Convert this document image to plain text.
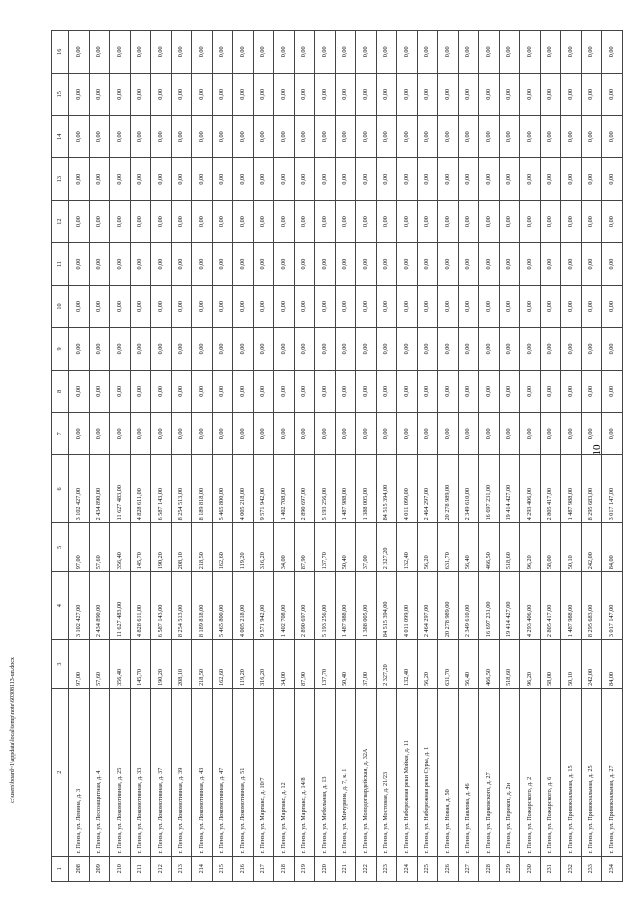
10
c:\users\board~1\appdata\local\temp\note\60308113-un.docx
1	2	3	4	5	6	7	8	9	10	11	12	13	14	15	16
208	г. Пенза, ул. Ленина, д. 3	97,00	3 102 427,00	97,00	3 102 427,00	0,00	0,00	0,00	0,00	0,00	0,00	0,00	0,00	0,00	0,00
209	г. Пенза, ул. Лесозащитная, д. 4	57,60	2 434 890,00	57,60	2 434 890,00	0,00	0,00	0,00	0,00	0,00	0,00	0,00	0,00	0,00	0,00
210	г. Пенза, ул. Локомотивная, д. 25	356,40	11 627 483,00	356,40	11 627 483,00	0,00	0,00	0,00	0,00	0,00	0,00	0,00	0,00	0,00	0,00
211	г. Пенза, ул. Локомотивная, д. 33	145,70	4 828 611,00	145,70	4 828 611,00	0,00	0,00	0,00	0,00	0,00	0,00	0,00	0,00	0,00	0,00
212	г. Пенза, ул. Локомотивная, д. 37	190,20	6 587 143,00	190,20	6 587 143,00	0,00	0,00	0,00	0,00	0,00	0,00	0,00	0,00	0,00	0,00
213	г. Пенза, ул. Локомотивная, д. 39	208,10	8 254 513,00	208,10	8 254 513,00	0,00	0,00	0,00	0,00	0,00	0,00	0,00	0,00	0,00	0,00
214	г. Пенза, ул. Локомотивная, д. 43	218,50	8 189 818,00	218,50	8 189 818,00	0,00	0,00	0,00	0,00	0,00	0,00	0,00	0,00	0,00	0,00
215	г. Пенза, ул. Локомотивная, д. 47	162,60	5 465 800,00	162,60	5 465 800,00	0,00	0,00	0,00	0,00	0,00	0,00	0,00	0,00	0,00	0,00
216	г. Пенза, ул. Локомотивная, д. 51	119,20	4 005 218,00	119,20	4 005 218,00	0,00	0,00	0,00	0,00	0,00	0,00	0,00	0,00	0,00	0,00
217	г. Пенза, ул. Марпакс, д. 10/7	316,20	9 571 942,00	316,20	9 571 942,00	0,00	0,00	0,00	0,00	0,00	0,00	0,00	0,00	0,00	0,00
218	г. Пенза, ул. Марпакс, д. 12	34,00	1 402 708,00	34,00	1 402 708,00	0,00	0,00	0,00	0,00	0,00	0,00	0,00	0,00	0,00	0,00
219	г. Пенза, ул. Марпакс, д. 14/8	87,90	2 890 697,00	87,90	2 890 697,00	0,00	0,00	0,00	0,00	0,00	0,00	0,00	0,00	0,00	0,00
220	г. Пенза, ул. Мебельная, д. 13	137,70	5 193 256,00	137,70	5 193 256,00	0,00	0,00	0,00	0,00	0,00	0,00	0,00	0,00	0,00	0,00
221	г. Пенза, ул. Мичурина, д. 7, к. 1	50,40	1 487 988,00	50,40	1 487 988,00	0,00	0,00	0,00	0,00	0,00	0,00	0,00	0,00	0,00	0,00
222	г. Пенза, ул. Молодогвардейская, д. 32А	37,00	1 388 005,00	37,00	1 388 005,00	0,00	0,00	0,00	0,00	0,00	0,00	0,00	0,00	0,00	0,00
223	г. Пенза, ул. Мостовая, д. 21/23	2 327,20	84 515 394,00	2 327,20	84 515 394,00	0,00	0,00	0,00	0,00	0,00	0,00	0,00	0,00	0,00	0,00
224	г. Пенза, ул. Набережная реки Мойки, д. 11	132,40	4 011 099,00	132,40	4 011 099,00	0,00	0,00	0,00	0,00	0,00	0,00	0,00	0,00	0,00	0,00
225	г. Пенза, ул. Набережная реки Суры, д. 1	56,20	2 464 297,00	56,20	2 464 297,00	0,00	0,00	0,00	0,00	0,00	0,00	0,00	0,00	0,00	0,00
226	г. Пенза, ул. Новая, д. 50	631,70	20 278 989,00	631,70	20 278 989,00	0,00	0,00	0,00	0,00	0,00	0,00	0,00	0,00	0,00	0,00
227	г. Пенза, ул. Павлова, д. 46	56,40	2 349 610,00	56,40	2 349 610,00	0,00	0,00	0,00	0,00	0,00	0,00	0,00	0,00	0,00	0,00
228	г. Пенза, ул. Парковского, д. 27	466,50	16 697 231,00	466,50	16 697 231,00	0,00	0,00	0,00	0,00	0,00	0,00	0,00	0,00	0,00	0,00
229	г. Пенза, ул. Перекоп, д. 2н	518,60	19 414 427,00	518,60	19 414 427,00	0,00	0,00	0,00	0,00	0,00	0,00	0,00	0,00	0,00	0,00
230	г. Пенза, ул. Пожарского, д. 2	96,20	4 293 406,00	96,20	4 293 406,00	0,00	0,00	0,00	0,00	0,00	0,00	0,00	0,00	0,00	0,00
231	г. Пенза, ул. Пожарского, д. 6	58,00	2 805 417,00	58,00	2 805 417,00	0,00	0,00	0,00	0,00	0,00	0,00	0,00	0,00	0,00	0,00
232	г. Пенза, ул. Привокзальная, д. 15	50,10	1 487 988,00	50,10	1 487 988,00	0,00	0,00	0,00	0,00	0,00	0,00	0,00	0,00	0,00	0,00
233	г. Пенза, ул. Привокзальная, д. 25	242,00	8 295 683,00	242,00	8 295 683,00	0,00	0,00	0,00	0,00	0,00	0,00	0,00	0,00	0,00	0,00
234	г. Пенза, ул. Привокзальная, д. 27	84,00	3 017 147,00	84,00	3 017 147,00	0,00	0,00	0,00	0,00	0,00	0,00	0,00	0,00	0,00	0,00
